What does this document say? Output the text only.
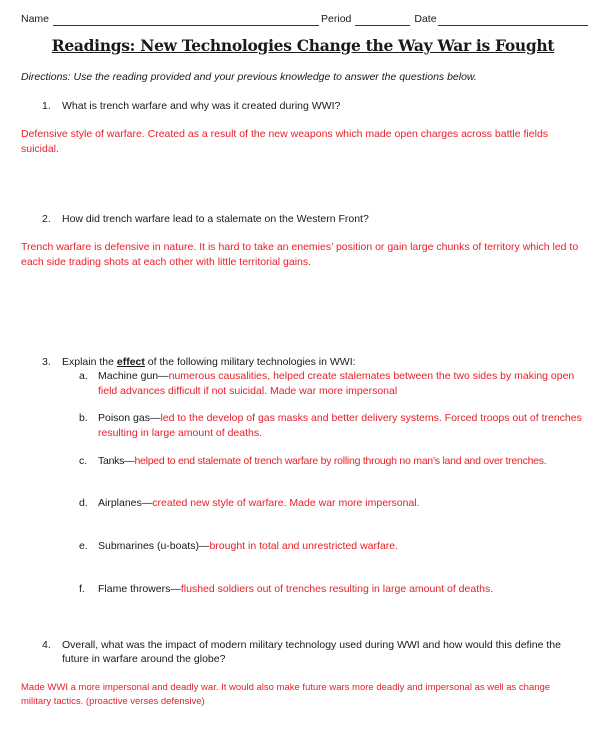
Name	Period	Date
Readings: New Technologies Change the Way War is Fought
Directions: Use the reading provided and your previous knowledge to answer the questions below.
1. What is trench warfare and why was it created during WWI?
Defensive style of warfare. Created as a result of the new weapons which made open charges across battle fields suicidal.
2. How did trench warfare lead to a stalemate on the Western Front?
Trench warfare is defensive in nature. It is hard to take an enemies’ position or gain large chunks of territory which led to each side trading shots at each other with little territorial gains.
3. Explain the effect of the following military technologies in WWI:
a. Machine gun—numerous causalities, helped create stalemates between the two sides by making open field advances difficult if not suicidal. Made war more impersonal
b. Poison gas—led to the develop of gas masks and better delivery systems. Forced troops out of trenches resulting in large amount of deaths.
c.	Tanks—helped to end stalemate of trench warfare by rolling through no man’s land and over trenches.
d. Airplanes—created new style of warfare. Made war more impersonal.
e. Submarines (u-boats)—brought in total and unrestricted warfare.
f.	Flame throwers—flushed soldiers out of trenches resulting in large amount of deaths.
4.	Overall, what was the impact of modern military technology used during WWI and how would this define the future in warfare around the globe?
Made WWI a more impersonal and deadly war. It would also make future wars more deadly and impersonal as well as change military tactics. (proactive verses defensive)
